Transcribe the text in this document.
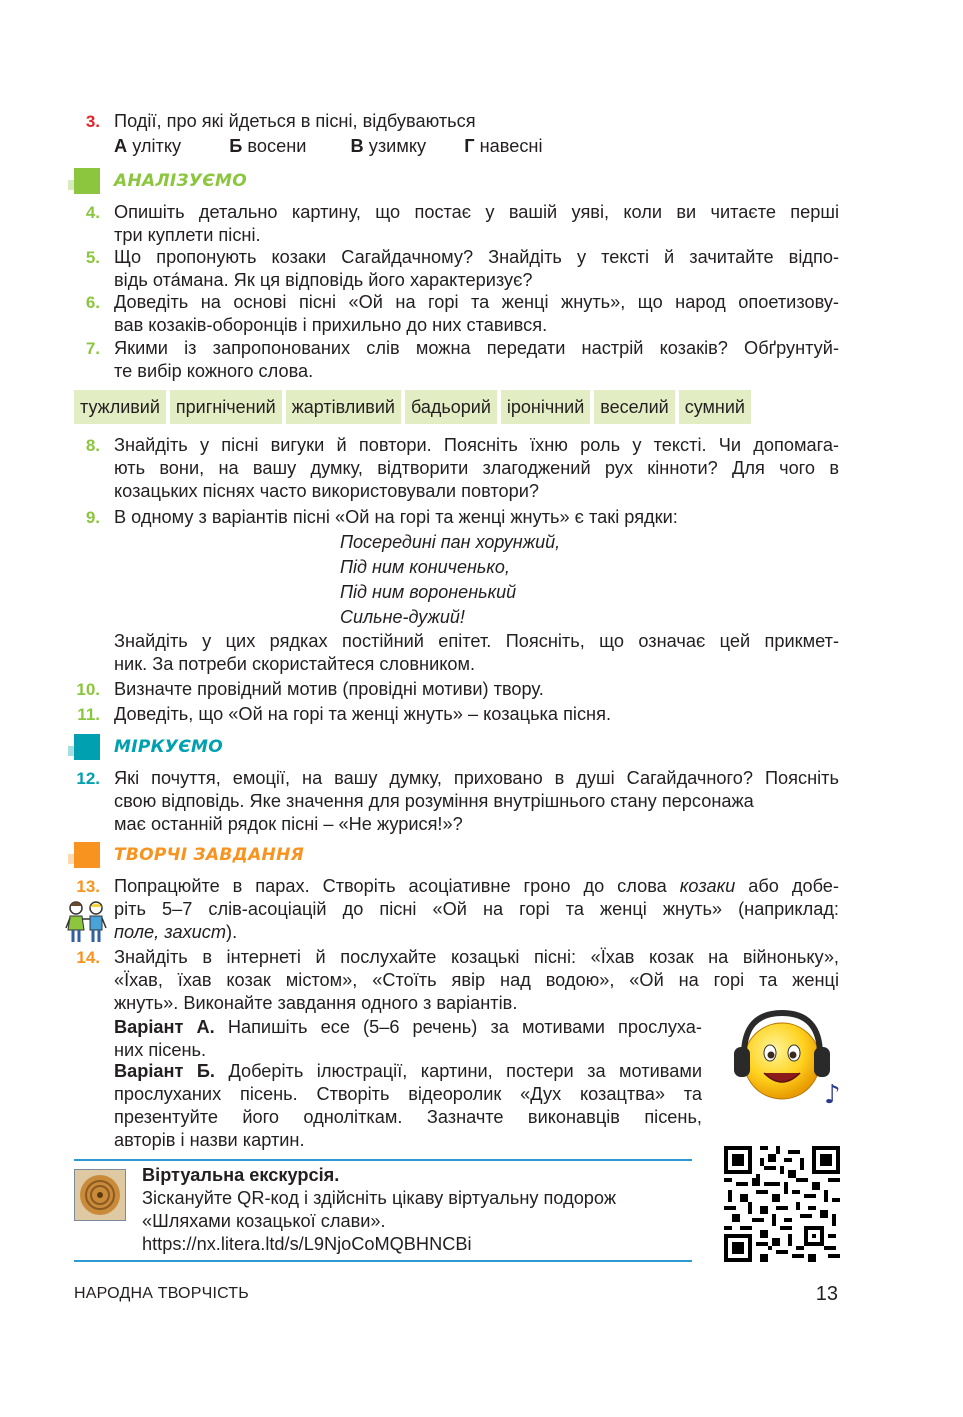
3. Події, про які йдеться в пісні, відбуваються
А улітку	Б восени В узимку Г навесні
АНАЛІЗУЄМО
4. Опишіть детально картину, що постає у вашій уяві, коли ви читаєте перші
три куплети пісні.
5. Що пропонують козаки Сагайдачному? Знайдіть у тексті й зачитайте відпо-
відь ота́мана. Як ця відповідь його характеризує?
6. Доведіть на основі пісні «Ой на горі та женці жнуть», що народ опоетизову-
вав козаків-оборонців і прихильно до них ставився.
7. Якими із запропонованих слів можна передати настрій козаків? Обґрунтуй-
те вибір кожного слова.
тужливий пригнічений жартівливий бадьорий іронічний веселий сумний
8. Знайдіть у пісні вигуки й повтори. Поясніть їхню роль у тексті. Чи допомага-
ють вони, на вашу думку, відтворити злагоджений рух кінноти? Для чого в
козацьких піснях часто використовували повтори?
9. В одному з варіантів пісні «Ой на горі та женці жнуть» є такі рядки:
Посередині пан хорунжий,
Під ним кониченько,
Під ним вороненький
Сильне-дужий!
Знайдіть у цих рядках постійний епітет. Поясніть, що означає цей прикмет-
ник. За потреби скористайтеся словником.
10. Визначте провідний мотив (провідні мотиви) твору.
11. Доведіть, що «Ой на горі та женці жнуть» – козацька пісня.
МІРКУЄМО
12. Які почуття, емоції, на вашу думку, приховано в душі Сагайдачного? Поясніть
свою відповідь. Яке значення для розуміння внутрішнього стану персонажа
має останній рядок пісні – «Не журися!»?
ТВОРЧІ ЗАВДАННЯ
13. Попрацюйте в парах. Створіть асоціативне гроно до слова козаки або добе-
ріть 5–7 слів-асоціацій до пісні «Ой на горі та женці жнуть» (наприклад:
поле, захист).
14. Знайдіть в інтернеті й послухайте козацькі пісні: «Їхав козак на війноньку»,
«Їхав, їхав козак містом», «Стоїть явір над водою», «Ой на горі та женці
жнуть». Виконайте завдання одного з варіантів.
Варіант А. Напишіть есе (5–6 речень) за мотивами прослуха-
них пісень.
Варіант Б. Доберіть ілюстрації, картини, постери за мотивами
прослуханих пісень. Створіть відеоролик «Дух козацтва» та
презентуйте його одноліткам. Зазначте виконавців пісень,
авторів і назви картин.
♪
Віртуальна екскурсія.
Зіскануйте QR-код і здійсніть цікаву віртуальну подорож
«Шляхами козацької слави».
https://nx.litera.ltd/s/L9NjoCoMQBHNCBi
НАРОДНА ТВОРЧІСТЬ	13
